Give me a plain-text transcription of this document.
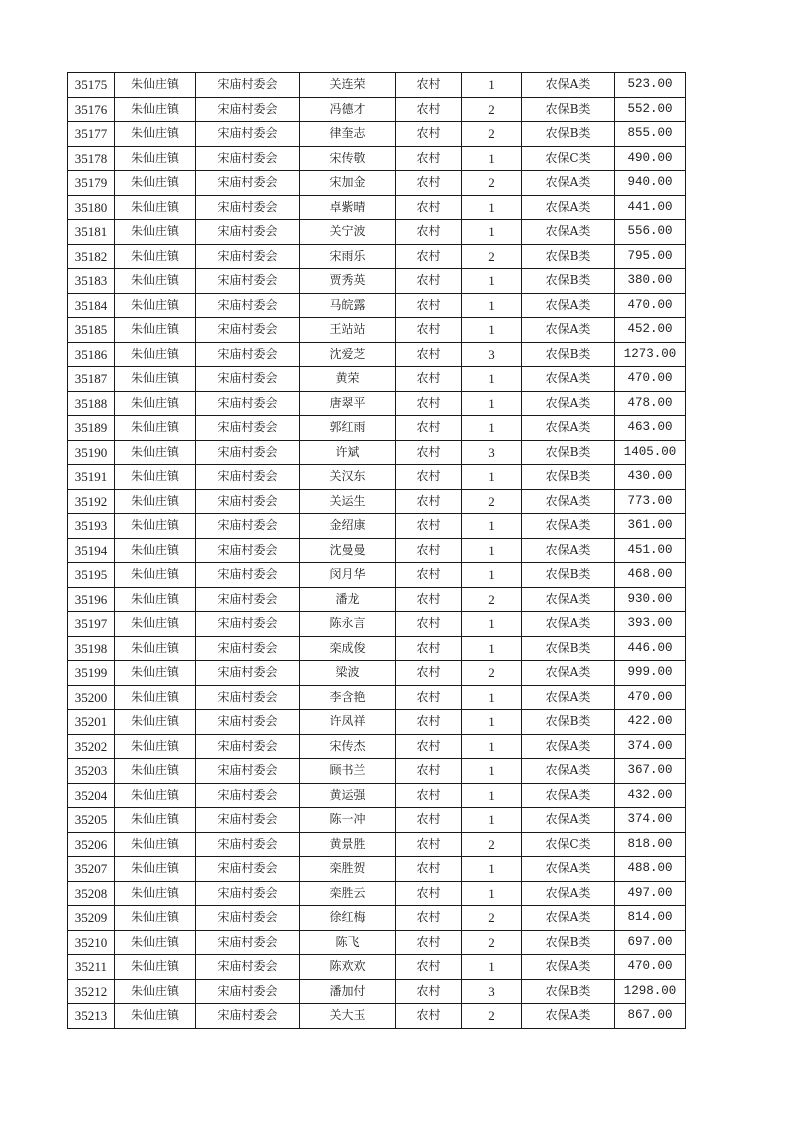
35175	朱仙庄镇	宋庙村委会	关连荣	农村	1	农保A类	523.00
35176	朱仙庄镇	宋庙村委会	冯德才	农村	2	农保B类	552.00
35177	朱仙庄镇	宋庙村委会	律奎志	农村	2	农保B类	855.00
35178	朱仙庄镇	宋庙村委会	宋传敬	农村	1	农保C类	490.00
35179	朱仙庄镇	宋庙村委会	宋加金	农村	2	农保A类	940.00
35180	朱仙庄镇	宋庙村委会	卓紫晴	农村	1	农保A类	441.00
35181	朱仙庄镇	宋庙村委会	关宁波	农村	1	农保A类	556.00
35182	朱仙庄镇	宋庙村委会	宋雨乐	农村	2	农保B类	795.00
35183	朱仙庄镇	宋庙村委会	贾秀英	农村	1	农保B类	380.00
35184	朱仙庄镇	宋庙村委会	马皖露	农村	1	农保A类	470.00
35185	朱仙庄镇	宋庙村委会	王站站	农村	1	农保A类	452.00
35186	朱仙庄镇	宋庙村委会	沈爱芝	农村	3	农保B类	1273.00
35187	朱仙庄镇	宋庙村委会	黄荣	农村	1	农保A类	470.00
35188	朱仙庄镇	宋庙村委会	唐翠平	农村	1	农保A类	478.00
35189	朱仙庄镇	宋庙村委会	郭红雨	农村	1	农保A类	463.00
35190	朱仙庄镇	宋庙村委会	许斌	农村	3	农保B类	1405.00
35191	朱仙庄镇	宋庙村委会	关汉东	农村	1	农保B类	430.00
35192	朱仙庄镇	宋庙村委会	关运生	农村	2	农保A类	773.00
35193	朱仙庄镇	宋庙村委会	金绍康	农村	1	农保A类	361.00
35194	朱仙庄镇	宋庙村委会	沈曼曼	农村	1	农保A类	451.00
35195	朱仙庄镇	宋庙村委会	闵月华	农村	1	农保B类	468.00
35196	朱仙庄镇	宋庙村委会	潘龙	农村	2	农保A类	930.00
35197	朱仙庄镇	宋庙村委会	陈永言	农村	1	农保A类	393.00
35198	朱仙庄镇	宋庙村委会	栾成俊	农村	1	农保B类	446.00
35199	朱仙庄镇	宋庙村委会	梁波	农村	2	农保A类	999.00
35200	朱仙庄镇	宋庙村委会	李含艳	农村	1	农保A类	470.00
35201	朱仙庄镇	宋庙村委会	许凤祥	农村	1	农保B类	422.00
35202	朱仙庄镇	宋庙村委会	宋传杰	农村	1	农保A类	374.00
35203	朱仙庄镇	宋庙村委会	顾书兰	农村	1	农保A类	367.00
35204	朱仙庄镇	宋庙村委会	黄运强	农村	1	农保A类	432.00
35205	朱仙庄镇	宋庙村委会	陈一冲	农村	1	农保A类	374.00
35206	朱仙庄镇	宋庙村委会	黄景胜	农村	2	农保C类	818.00
35207	朱仙庄镇	宋庙村委会	栾胜贺	农村	1	农保A类	488.00
35208	朱仙庄镇	宋庙村委会	栾胜云	农村	1	农保A类	497.00
35209	朱仙庄镇	宋庙村委会	徐红梅	农村	2	农保A类	814.00
35210	朱仙庄镇	宋庙村委会	陈飞	农村	2	农保B类	697.00
35211	朱仙庄镇	宋庙村委会	陈欢欢	农村	1	农保A类	470.00
35212	朱仙庄镇	宋庙村委会	潘加付	农村	3	农保B类	1298.00
35213	朱仙庄镇	宋庙村委会	关大玉	农村	2	农保A类	867.00
